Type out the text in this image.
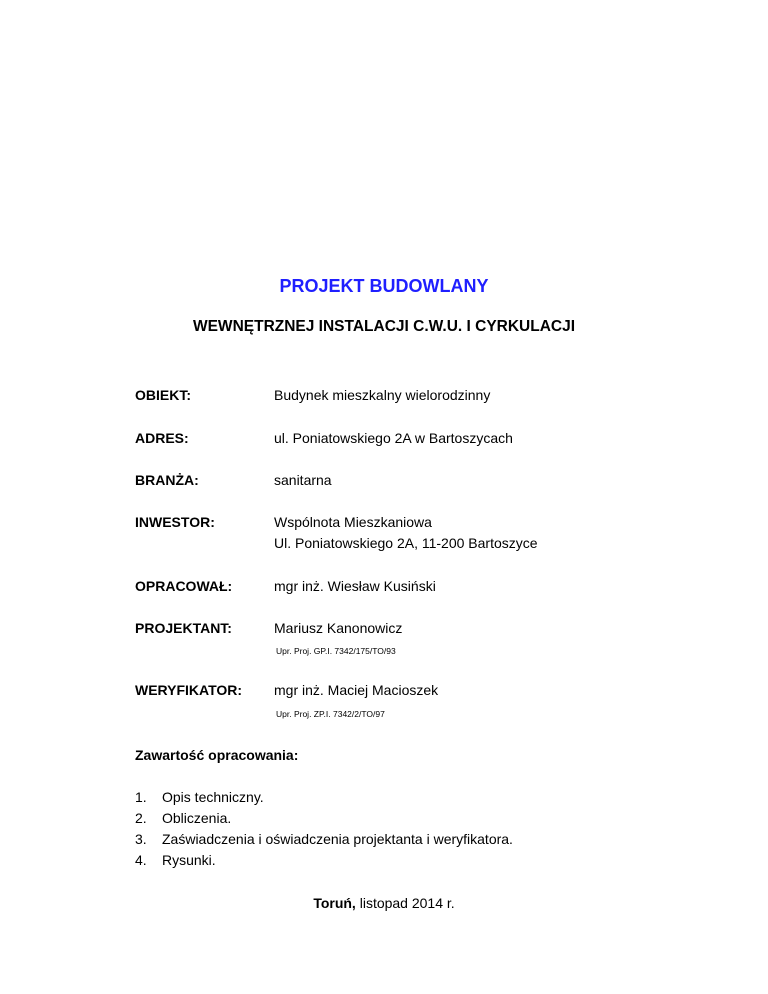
PROJEKT BUDOWLANY
WEWNĘTRZNEJ INSTALACJI C.W.U. I CYRKULACJI
OBIEKT:	Budynek mieszkalny wielorodzinny
ADRES:	ul. Poniatowskiego 2A w Bartoszycach
BRANŻA:	sanitarna
INWESTOR:	Wspólnota Mieszkaniowa
Ul. Poniatowskiego 2A, 11-200 Bartoszyce
OPRACOWAŁ:	mgr inż. Wiesław Kusiński
PROJEKTANT:	Mariusz Kanonowicz
Upr. Proj. GP.I. 7342/175/TO/93
WERYFIKATOR: mgr inż. Maciej Macioszek
Upr. Proj. ZP.I. 7342/2/TO/97
Zawartość opracowania:
1. Opis techniczny.
2. Obliczenia.
3. Zaświadczenia i oświadczenia projektanta i weryfikatora.
4. Rysunki.
Toruń, listopad 2014 r.
